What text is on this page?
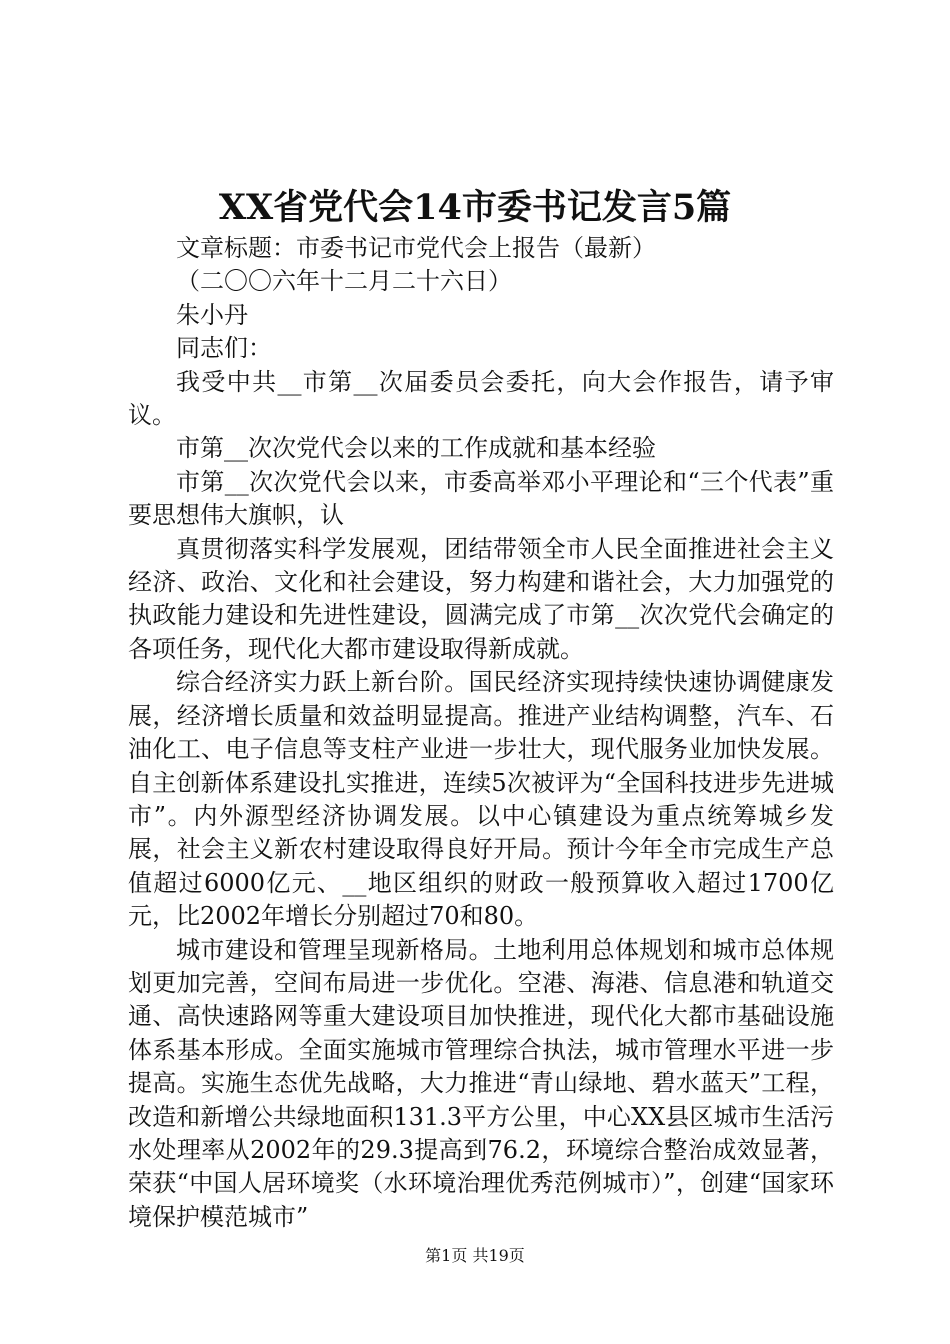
XX省党代会14市委书记发言5篇

文章标题：市委书记市党代会上报告（最新）

（二〇〇六年十二月二十六日）

朱小丹

同志们：

我受中共__市第__次届委员会委托，向大会作报告，请予审议。

市第__次次党代会以来的工作成就和基本经验

市第__次次党代会以来，市委高举邓小平理论和“三个代表”重要思想伟大旗帜，认

真贯彻落实科学发展观，团结带领全市人民全面推进社会主义经济、政治、文化和社会建设，努力构建和谐社会，大力加强党的执政能力建设和先进性建设，圆满完成了市第__次次党代会确定的各项任务，现代化大都市建设取得新成就。

综合经济实力跃上新台阶。国民经济实现持续快速协调健康发展，经济增长质量和效益明显提高。推进产业结构调整，汽车、石油化工、电子信息等支柱产业进一步壮大，现代服务业加快发展。自主创新体系建设扎实推进，连续5次被评为“全国科技进步先进城市”。内外源型经济协调发展。以中心镇建设为重点统筹城乡发展，社会主义新农村建设取得良好开局。预计今年全市完成生产总值超过6000亿元、__地区组织的财政一般预算收入超过1700亿元，比2002年增长分别超过70和80。

城市建设和管理呈现新格局。土地利用总体规划和城市总体规划更加完善，空间布局进一步优化。空港、海港、信息港和轨道交通、高快速路网等重大建设项目加快推进，现代化大都市基础设施体系基本形成。全面实施城市管理综合执法，城市管理水平进一步提高。实施生态优先战略，大力推进“青山绿地、碧水蓝天”工程，改造和新增公共绿地面积131.3平方公里，中心XX县区城市生活污水处理率从2002年的29.3提高到76.2，环境综合整治成效显著，荣获“中国人居环境奖（水环境治理优秀范例城市）”，创建“国家环境保护模范城市”

第1页 共19页
